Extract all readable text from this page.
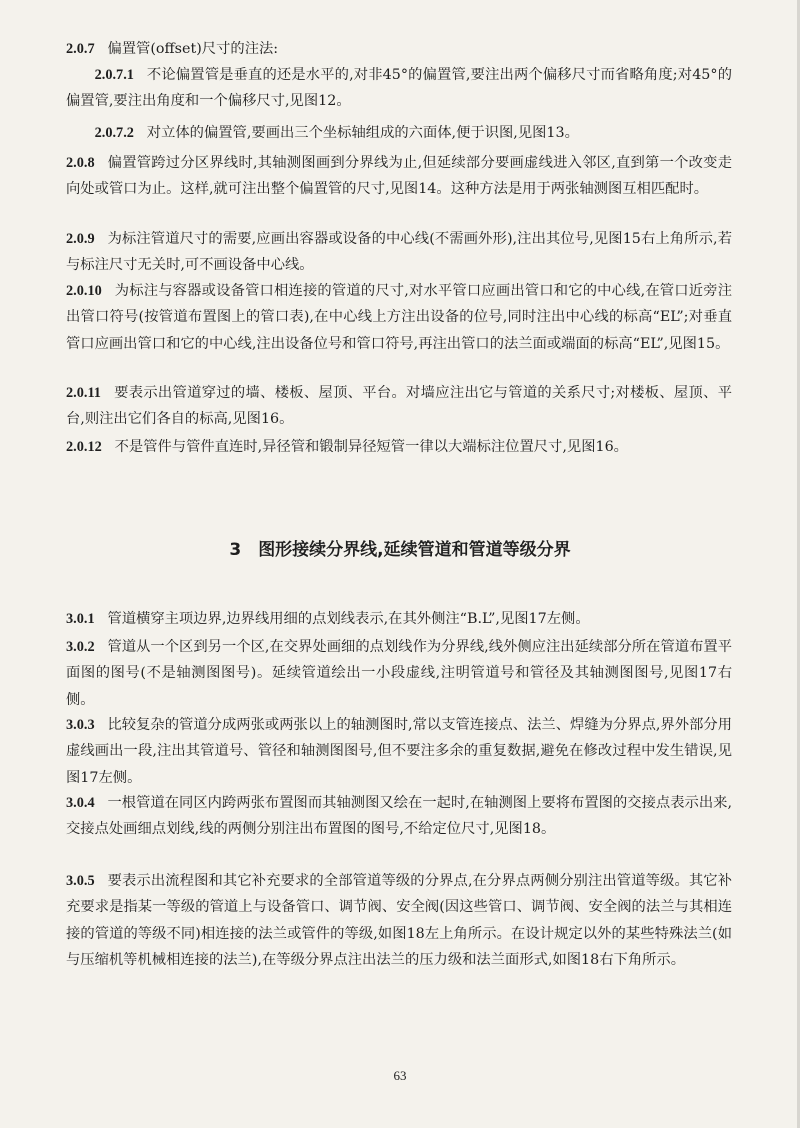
2.0.7 偏置管(offset)尺寸的注法:

2.0.7.1 不论偏置管是垂直的还是水平的,对非45°的偏置管,要注出两个偏移尺寸而省略角度;对45°的偏置管,要注出角度和一个偏移尺寸,见图12。

2.0.7.2 对立体的偏置管,要画出三个坐标轴组成的六面体,便于识图,见图13。

2.0.8 偏置管跨过分区界线时,其轴测图画到分界线为止,但延续部分要画虚线进入邻区,直到第一个改变走向处或管口为止。这样,就可注出整个偏置管的尺寸,见图14。这种方法是用于两张轴测图互相匹配时。

2.0.9 为标注管道尺寸的需要,应画出容器或设备的中心线(不需画外形),注出其位号,见图15右上角所示,若与标注尺寸无关时,可不画设备中心线。

2.0.10 为标注与容器或设备管口相连接的管道的尺寸,对水平管口应画出管口和它的中心线,在管口近旁注出管口符号(按管道布置图上的管口表),在中心线上方注出设备的位号,同时注出中心线的标高“EL”;对垂直管口应画出管口和它的中心线,注出设备位号和管口符号,再注出管口的法兰面或端面的标高“EL”,见图15。

2.0.11 要表示出管道穿过的墙、楼板、屋顶、平台。对墙应注出它与管道的关系尺寸;对楼板、屋顶、平台,则注出它们各自的标高,见图16。

2.0.12 不是管件与管件直连时,异径管和锻制异径短管一律以大端标注位置尺寸,见图16。

3 图形接续分界线,延续管道和管道等级分界

3.0.1 管道横穿主项边界,边界线用细的点划线表示,在其外侧注“B.L”,见图17左侧。

3.0.2 管道从一个区到另一个区,在交界处画细的点划线作为分界线,线外侧应注出延续部分所在管道布置平面图的图号(不是轴测图图号)。延续管道绘出一小段虚线,注明管道号和管径及其轴测图图号,见图17右侧。

3.0.3 比较复杂的管道分成两张或两张以上的轴测图时,常以支管连接点、法兰、焊缝为分界点,界外部分用虚线画出一段,注出其管道号、管径和轴测图图号,但不要注多余的重复数据,避免在修改过程中发生错误,见图17左侧。

3.0.4 一根管道在同区内跨两张布置图而其轴测图又绘在一起时,在轴测图上要将布置图的交接点表示出来,交接点处画细点划线,线的两侧分别注出布置图的图号,不给定位尺寸,见图18。

3.0.5 要表示出流程图和其它补充要求的全部管道等级的分界点,在分界点两侧分别注出管道等级。其它补充要求是指某一等级的管道上与设备管口、调节阀、安全阀(因这些管口、调节阀、安全阀的法兰与其相连接的管道的等级不同)相连接的法兰或管件的等级,如图18左上角所示。在设计规定以外的某些特殊法兰(如与压缩机等机械相连接的法兰),在等级分界点注出法兰的压力级和法兰面形式,如图18右下角所示。

63
